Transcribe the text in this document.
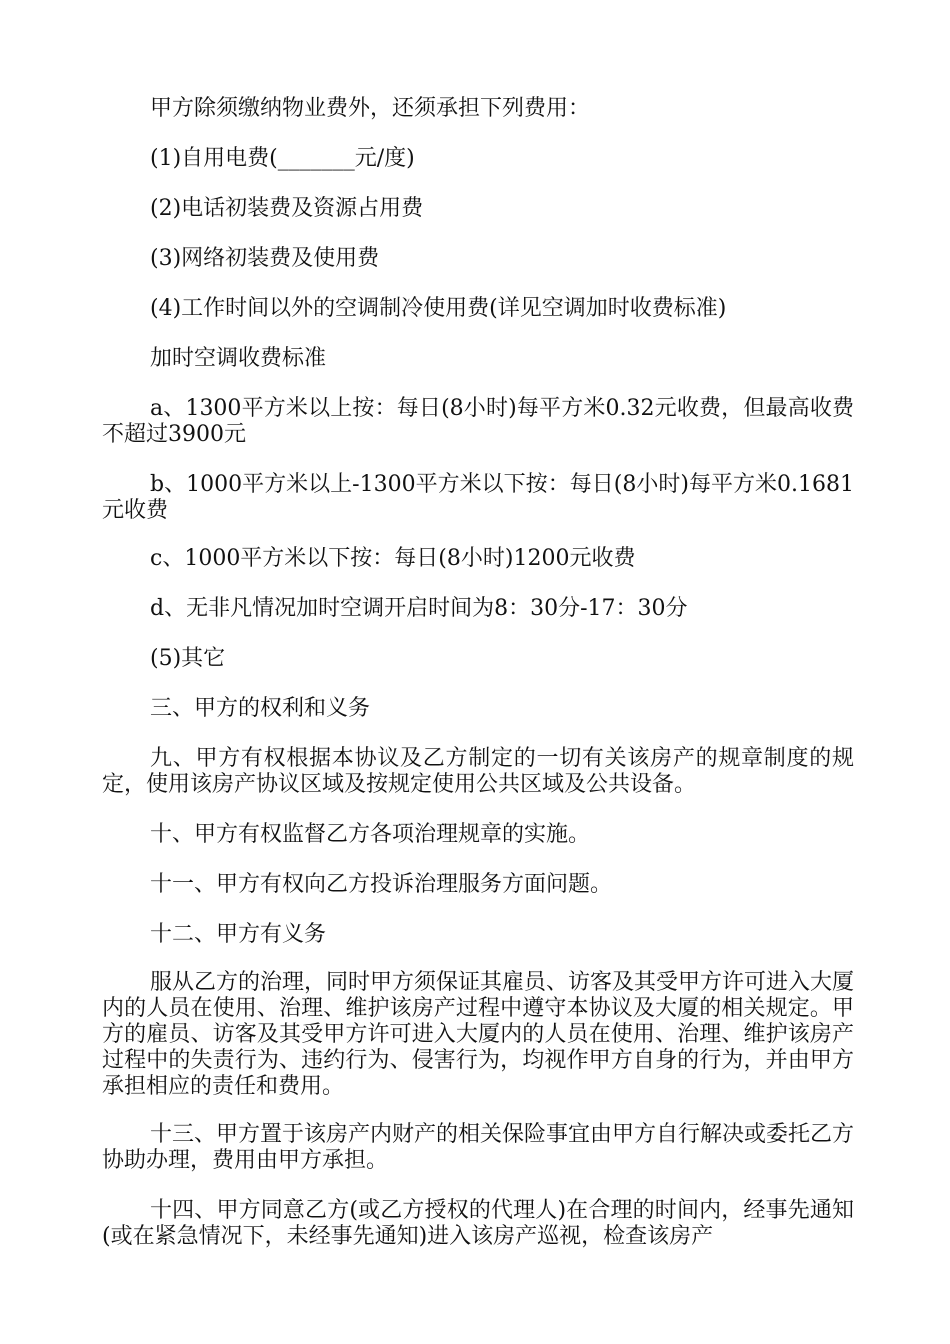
甲方除须缴纳物业费外，还须承担下列费用：

(1)自用电费(_______元/度)

(2)电话初装费及资源占用费

(3)网络初装费及使用费

(4)工作时间以外的空调制冷使用费(详见空调加时收费标准)

加时空调收费标准

a、1300平方米以上按：每日(8小时)每平方米0.32元收费，但最高收费不超过3900元

b、1000平方米以上-1300平方米以下按：每日(8小时)每平方米0.1681元收费

c、1000平方米以下按：每日(8小时)1200元收费

d、无非凡情况加时空调开启时间为8：30分-17：30分

(5)其它

三、甲方的权利和义务

九、甲方有权根据本协议及乙方制定的一切有关该房产的规章制度的规定，使用该房产协议区域及按规定使用公共区域及公共设备。

十、甲方有权监督乙方各项治理规章的实施。

十一、甲方有权向乙方投诉治理服务方面问题。

十二、甲方有义务

服从乙方的治理，同时甲方须保证其雇员、访客及其受甲方许可进入大厦内的人员在使用、治理、维护该房产过程中遵守本协议及大厦的相关规定。甲方的雇员、访客及其受甲方许可进入大厦内的人员在使用、治理、维护该房产过程中的失责行为、违约行为、侵害行为，均视作甲方自身的行为，并由甲方承担相应的责任和费用。

十三、甲方置于该房产内财产的相关保险事宜由甲方自行解决或委托乙方协助办理，费用由甲方承担。

十四、甲方同意乙方(或乙方授权的代理人)在合理的时间内，经事先通知(或在紧急情况下，未经事先通知)进入该房产巡视，检查该房产
